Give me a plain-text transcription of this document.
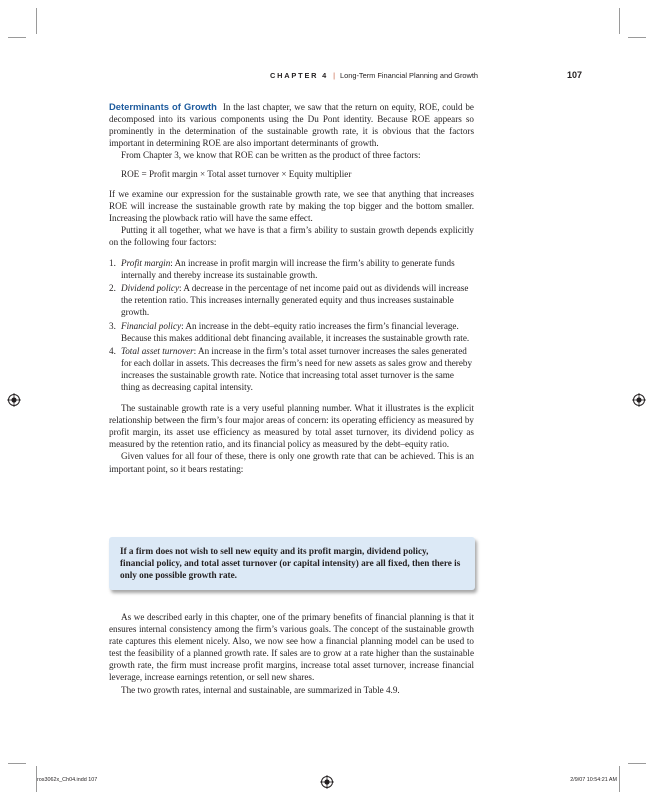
CHAPTER 4 | Long-Term Financial Planning and Growth	107

Determinants of Growth In the last chapter, we saw that the return on equity, ROE, could be decomposed into its various components using the Du Pont identity. Because ROE appears so prominently in the determination of the sustainable growth rate, it is obvious that the factors important in determining ROE are also important determinants of growth.

From Chapter 3, we know that ROE can be written as the product of three factors:

ROE = Profit margin × Total asset turnover × Equity multiplier

If we examine our expression for the sustainable growth rate, we see that anything that increases ROE will increase the sustainable growth rate by making the top bigger and the bottom smaller. Increasing the plowback ratio will have the same effect.

Putting it all together, what we have is that a firm’s ability to sustain growth depends explicitly on the following four factors:

1. Profit margin: An increase in profit margin will increase the firm’s ability to generate funds internally and thereby increase its sustainable growth.
2. Dividend policy: A decrease in the percentage of net income paid out as dividends will increase the retention ratio. This increases internally generated equity and thus increases sustainable growth.
3. Financial policy: An increase in the debt–equity ratio increases the firm’s financial leverage. Because this makes additional debt financing available, it increases the sustainable growth rate.
4. Total asset turnover: An increase in the firm’s total asset turnover increases the sales generated for each dollar in assets. This decreases the firm’s need for new assets as sales grow and thereby increases the sustainable growth rate. Notice that increasing total asset turnover is the same thing as decreasing capital intensity.

The sustainable growth rate is a very useful planning number. What it illustrates is the explicit relationship between the firm’s four major areas of concern: its operating efficiency as measured by profit margin, its asset use efficiency as measured by total asset turnover, its dividend policy as measured by the retention ratio, and its financial policy as measured by the debt–equity ratio.

Given values for all four of these, there is only one growth rate that can be achieved. This is an important point, so it bears restating:

If a firm does not wish to sell new equity and its profit margin, dividend policy, financial policy, and total asset turnover (or capital intensity) are all fixed, then there is only one possible growth rate.

As we described early in this chapter, one of the primary benefits of financial planning is that it ensures internal consistency among the firm’s various goals. The concept of the sustainable growth rate captures this element nicely. Also, we now see how a financial planning model can be used to test the feasibility of a planned growth rate. If sales are to grow at a rate higher than the sustainable growth rate, the firm must increase profit margins, increase total asset turnover, increase financial leverage, increase earnings retention, or sell new shares.

The two growth rates, internal and sustainable, are summarized in Table 4.9.

ros3062x_Ch04.indd 107	2/9/07 10:54:21 AM
